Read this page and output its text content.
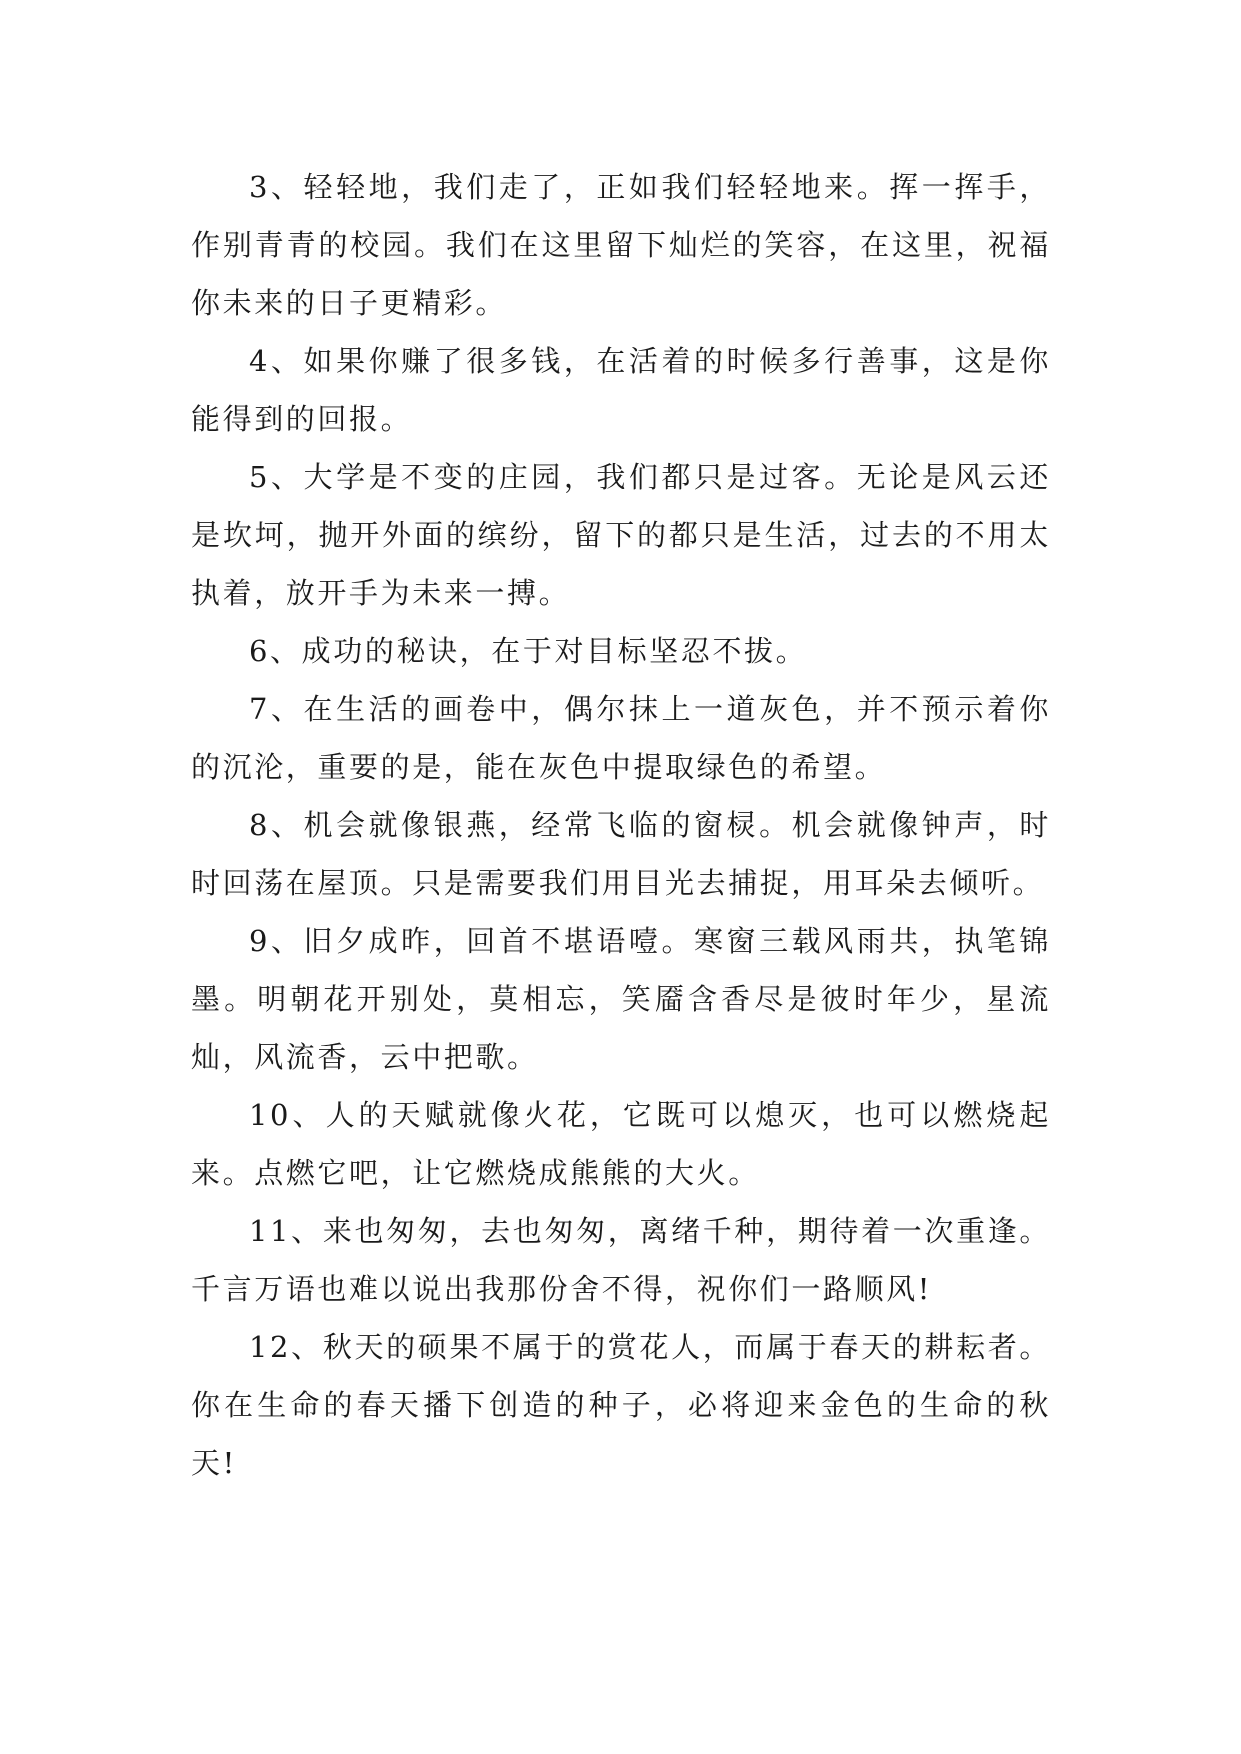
3、轻轻地，我们走了，正如我们轻轻地来。挥一挥手，作别青青的校园。我们在这里留下灿烂的笑容，在这里，祝福你未来的日子更精彩。

4、如果你赚了很多钱，在活着的时候多行善事，这是你能得到的回报。

5、大学是不变的庄园，我们都只是过客。无论是风云还是坎坷，抛开外面的缤纷，留下的都只是生活，过去的不用太执着，放开手为未来一搏。

6、成功的秘诀，在于对目标坚忍不拔。

7、在生活的画卷中，偶尔抹上一道灰色，并不预示着你的沉沦，重要的是，能在灰色中提取绿色的希望。

8、机会就像银燕，经常飞临的窗棂。机会就像钟声，时时回荡在屋顶。只是需要我们用目光去捕捉，用耳朵去倾听。

9、旧夕成昨，回首不堪语噎。寒窗三载风雨共，执笔锦墨。明朝花开别处，莫相忘，笑靥含香尽是彼时年少，星流灿，风流香，云中把歌。

10、人的天赋就像火花，它既可以熄灭，也可以燃烧起来。点燃它吧，让它燃烧成熊熊的大火。

11、来也匆匆，去也匆匆，离绪千种，期待着一次重逢。千言万语也难以说出我那份舍不得，祝你们一路顺风!

12、秋天的硕果不属于的赏花人，而属于春天的耕耘者。你在生命的春天播下创造的种子，必将迎来金色的生命的秋天!
